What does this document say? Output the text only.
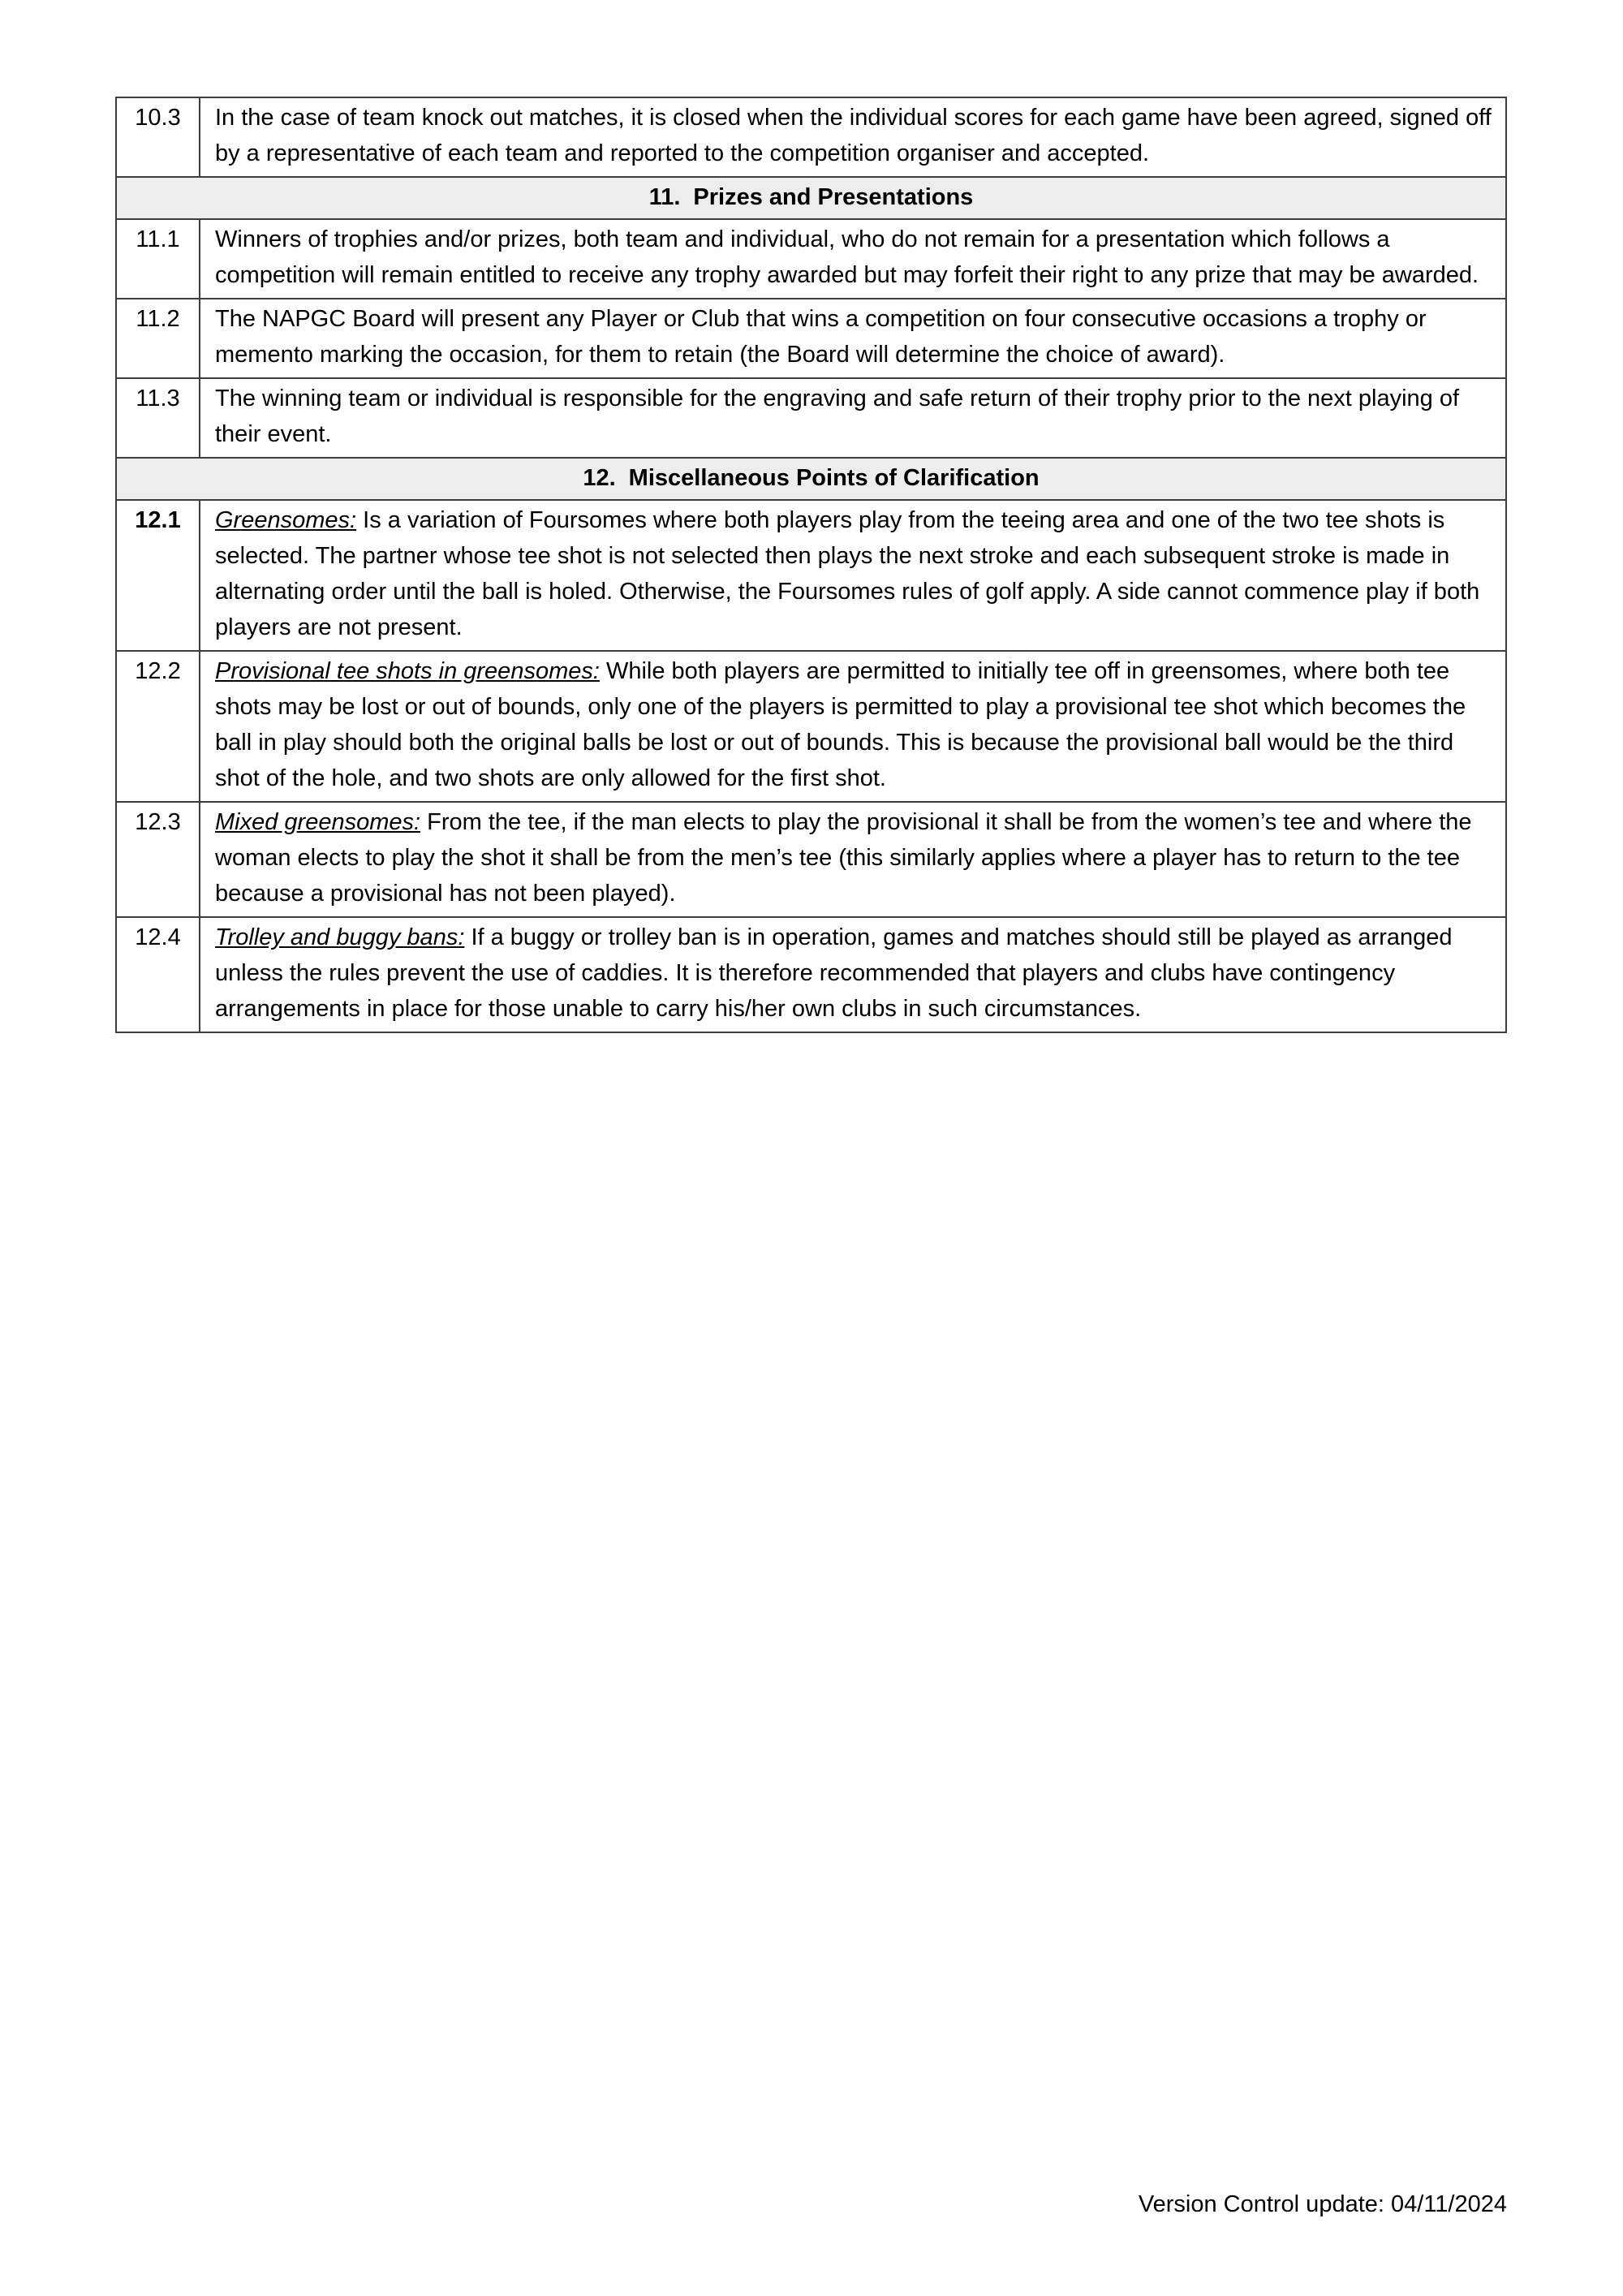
10.3	In the case of team knock out matches, it is closed when the individual scores for each game have been agreed, signed off by a representative of each team and reported to the competition organiser and accepted.
11. Prizes and Presentations	
11.1	Winners of trophies and/or prizes, both team and individual, who do not remain for a presentation which follows a competition will remain entitled to receive any trophy awarded but may forfeit their right to any prize that may be awarded.
11.2	The NAPGC Board will present any Player or Club that wins a competition on four consecutive occasions a trophy or memento marking the occasion, for them to retain (the Board will determine the choice of award).
11.3	The winning team or individual is responsible for the engraving and safe return of their trophy prior to the next playing of their event.
12. Miscellaneous Points of Clarification	
12.1	Greensomes: Is a variation of Foursomes where both players play from the teeing area and one of the two tee shots is selected. The partner whose tee shot is not selected then plays the next stroke and each subsequent stroke is made in alternating order until the ball is holed. Otherwise, the Foursomes rules of golf apply. A side cannot commence play if both players are not present.
12.2	Provisional tee shots in greensomes: While both players are permitted to initially tee off in greensomes, where both tee shots may be lost or out of bounds, only one of the players is permitted to play a provisional tee shot which becomes the ball in play should both the original balls be lost or out of bounds. This is because the provisional ball would be the third shot of the hole, and two shots are only allowed for the first shot.
12.3	Mixed greensomes: From the tee, if the man elects to play the provisional it shall be from the women’s tee and where the woman elects to play the shot it shall be from the men’s tee (this similarly applies where a player has to return to the tee because a provisional has not been played).
12.4	Trolley and buggy bans: If a buggy or trolley ban is in operation, games and matches should still be played as arranged unless the rules prevent the use of caddies. It is therefore recommended that players and clubs have contingency arrangements in place for those unable to carry his/her own clubs in such circumstances.
Version Control update: 04/11/2024
